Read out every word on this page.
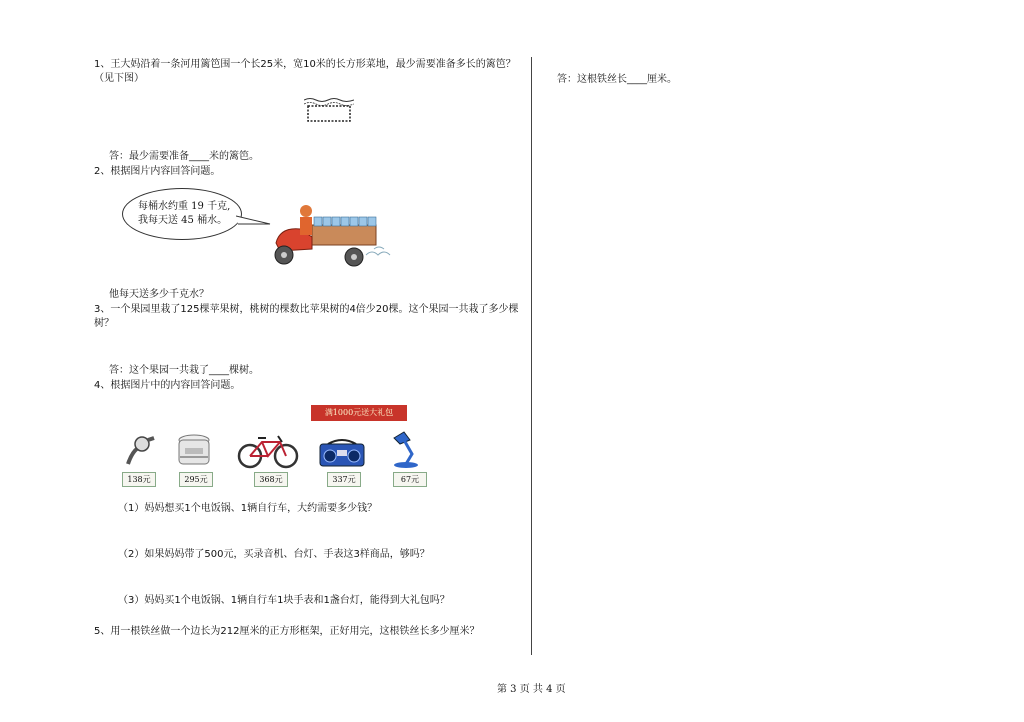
1、王大妈沿着一条河用篱笆围一个长25米，宽10米的长方形菜地，最少需要准备多长的篱笆？
（见下图）
答：最少需要准备____米的篱笆。
2、根据图片内容回答问题。
每桶水约重 19 千克,
我每天送 45 桶水。
他每天送多少千克水？
3、一个果园里栽了125棵苹果树，桃树的棵数比苹果树的4倍少20棵。这个果园一共栽了多少棵
树？
答：这个果园一共栽了____棵树。
4、根据图片中的内容回答问题。
满1000元送大礼包
138元	295元	368元	337元	67元
（1）妈妈想买1个电饭锅、1辆自行车，大约需要多少钱？
（2）如果妈妈带了500元，买录音机、台灯、手表这3样商品，够吗？
（3）妈妈买1个电饭锅、1辆自行车1块手表和1盏台灯，能得到大礼包吗？
5、用一根铁丝做一个边长为212厘米的正方形框架，正好用完，这根铁丝长多少厘米？
答：这根铁丝长____厘米。
第 3 页 共 4 页
